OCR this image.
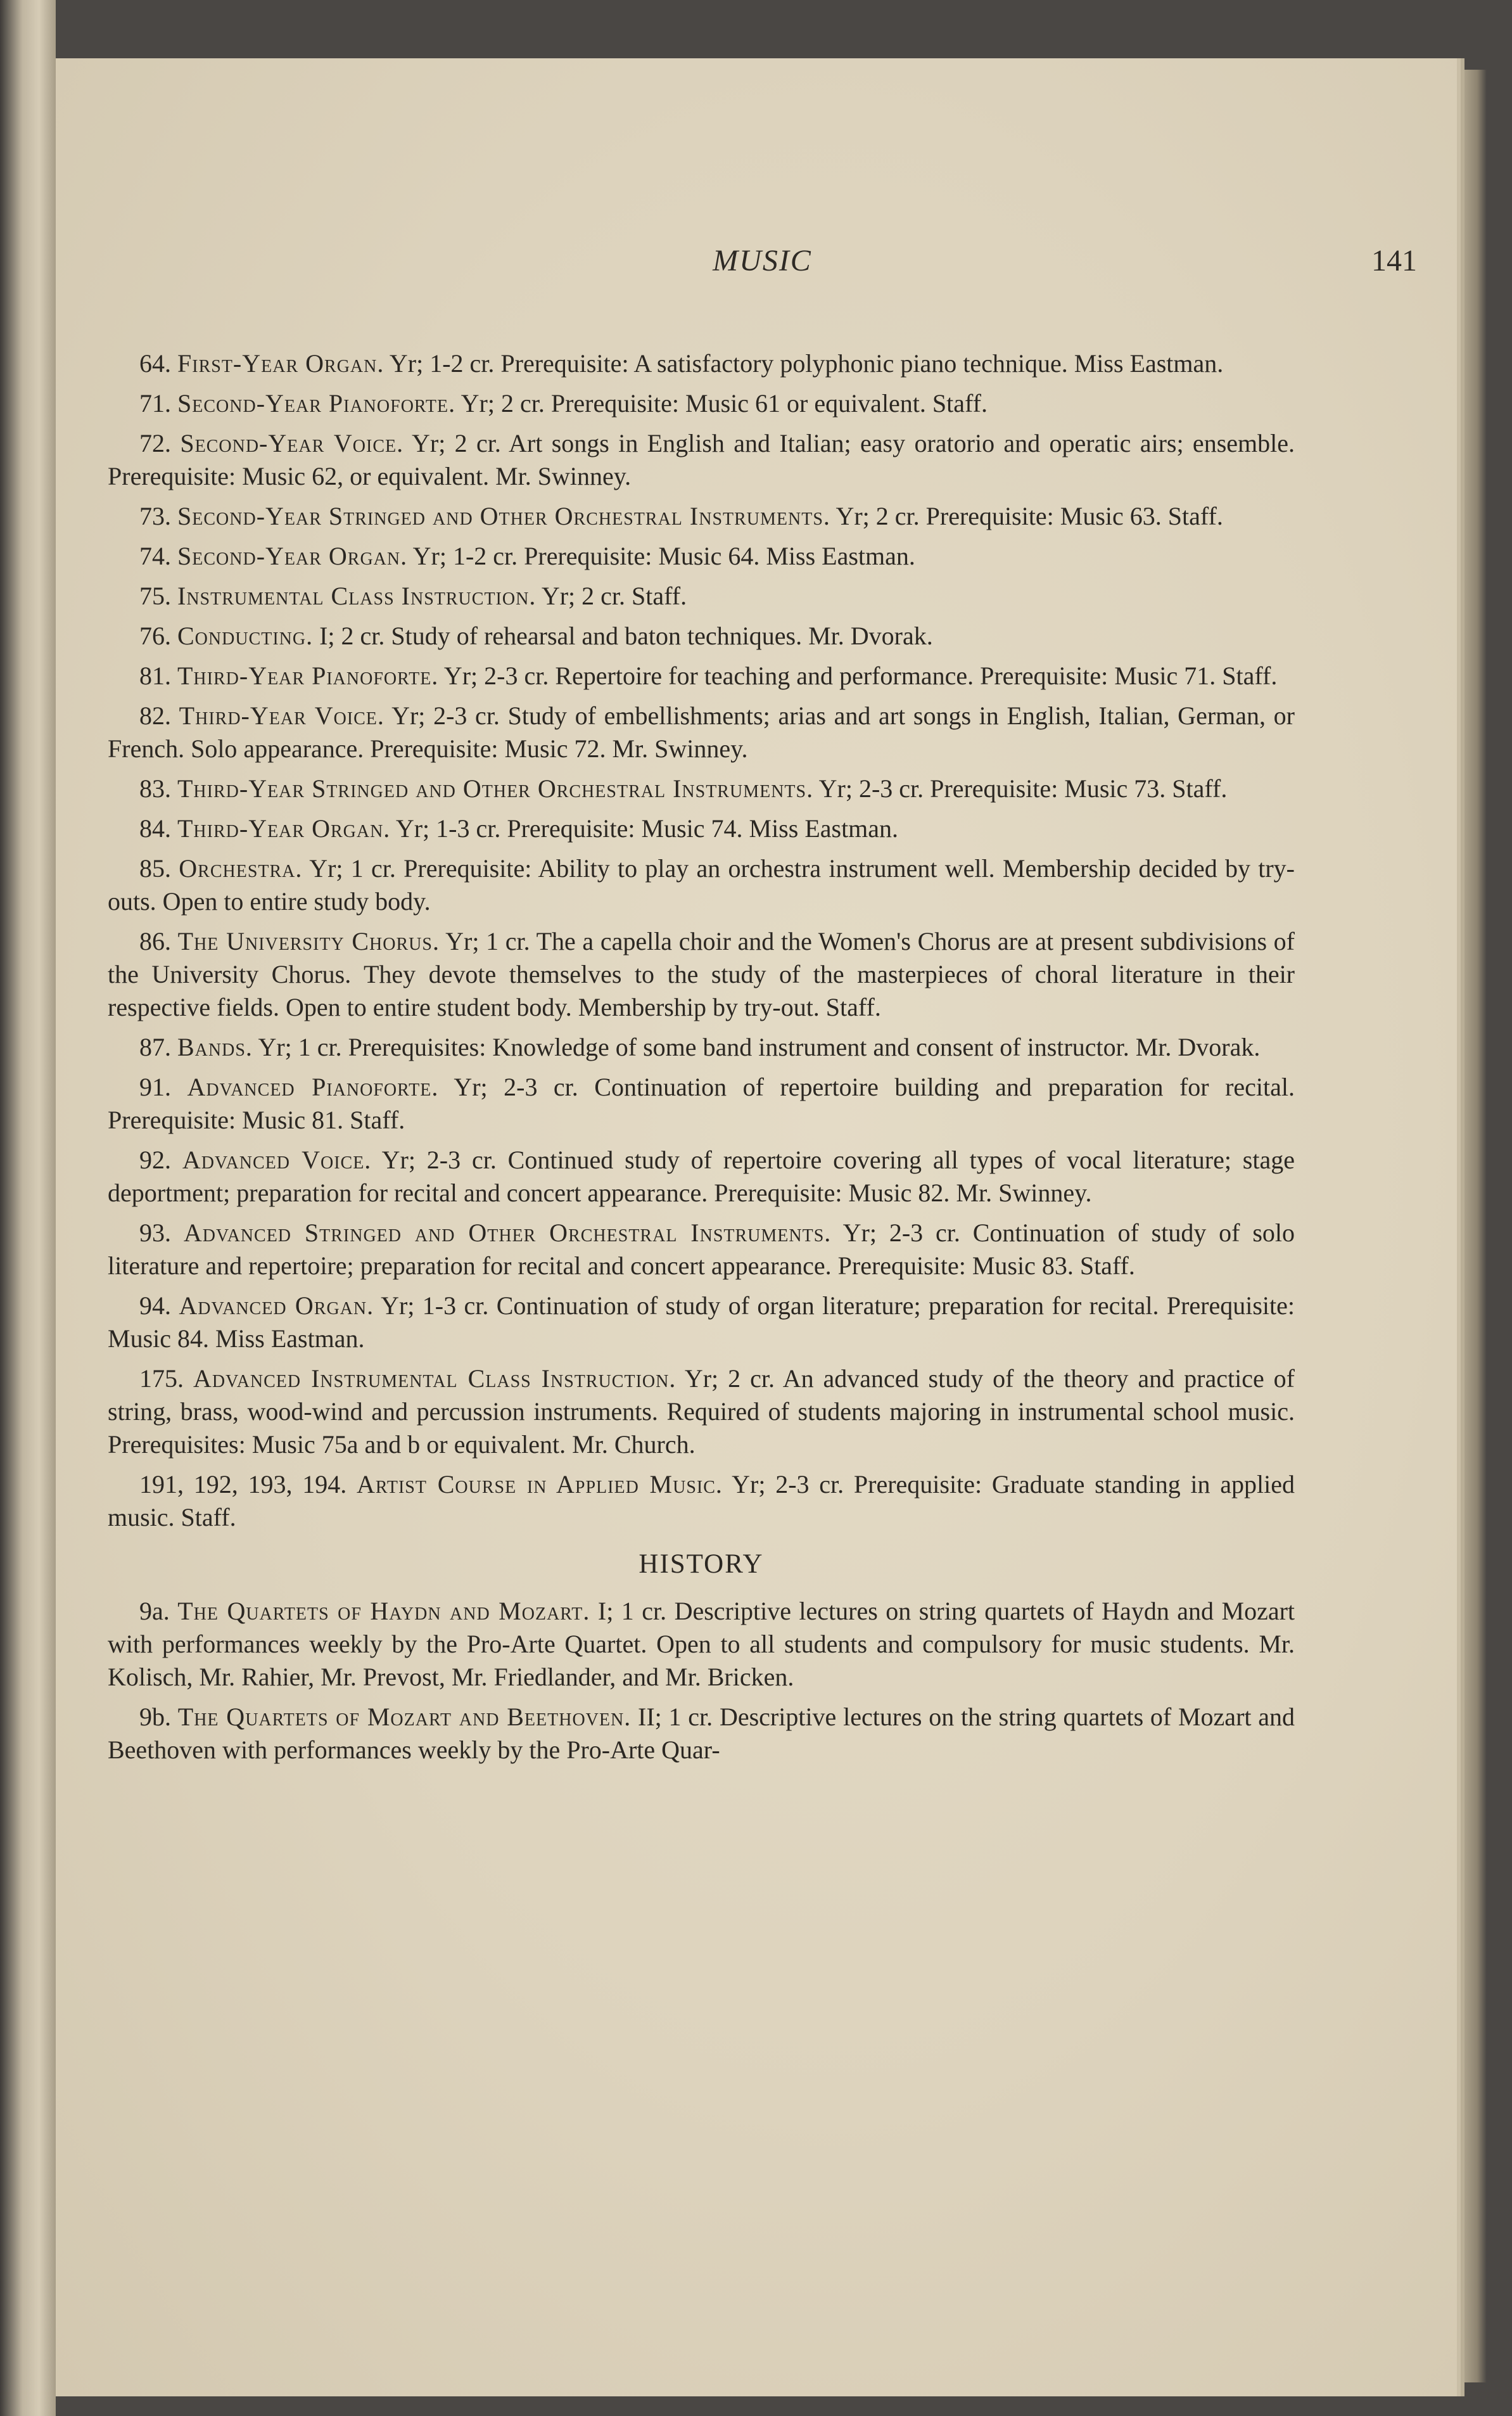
MUSIC	141

64. First-Year Organ. Yr; 1-2 cr. Prerequisite: A satisfactory polyphonic piano technique. Miss Eastman.

71. Second-Year Pianoforte. Yr; 2 cr. Prerequisite: Music 61 or equivalent. Staff.

72. Second-Year Voice. Yr; 2 cr. Art songs in English and Italian; easy oratorio and operatic airs; ensemble. Prerequisite: Music 62, or equivalent. Mr. Swinney.

73. Second-Year Stringed and Other Orchestral Instruments. Yr; 2 cr. Prerequisite: Music 63. Staff.

74. Second-Year Organ. Yr; 1-2 cr. Prerequisite: Music 64. Miss Eastman.

75. Instrumental Class Instruction. Yr; 2 cr. Staff.

76. Conducting. I; 2 cr. Study of rehearsal and baton techniques. Mr. Dvorak.

81. Third-Year Pianoforte. Yr; 2-3 cr. Repertoire for teaching and performance. Prerequisite: Music 71. Staff.

82. Third-Year Voice. Yr; 2-3 cr. Study of embellishments; arias and art songs in English, Italian, German, or French. Solo appearance. Prerequisite: Music 72. Mr. Swinney.

83. Third-Year Stringed and Other Orchestral Instruments. Yr; 2-3 cr. Prerequisite: Music 73. Staff.

84. Third-Year Organ. Yr; 1-3 cr. Prerequisite: Music 74. Miss Eastman.

85. Orchestra. Yr; 1 cr. Prerequisite: Ability to play an orchestra instrument well. Membership decided by try-outs. Open to entire study body.

86. The University Chorus. Yr; 1 cr. The a capella choir and the Women's Chorus are at present subdivisions of the University Chorus. They devote themselves to the study of the masterpieces of choral literature in their respective fields. Open to entire student body. Membership by try-out. Staff.

87. Bands. Yr; 1 cr. Prerequisites: Knowledge of some band instrument and consent of instructor. Mr. Dvorak.

91. Advanced Pianoforte. Yr; 2-3 cr. Continuation of repertoire building and preparation for recital. Prerequisite: Music 81. Staff.

92. Advanced Voice. Yr; 2-3 cr. Continued study of repertoire covering all types of vocal literature; stage deportment; preparation for recital and concert appearance. Prerequisite: Music 82. Mr. Swinney.

93. Advanced Stringed and Other Orchestral Instruments. Yr; 2-3 cr. Continuation of study of solo literature and repertoire; preparation for recital and concert appearance. Prerequisite: Music 83. Staff.

94. Advanced Organ. Yr; 1-3 cr. Continuation of study of organ literature; preparation for recital. Prerequisite: Music 84. Miss Eastman.

175. Advanced Instrumental Class Instruction. Yr; 2 cr. An advanced study of the theory and practice of string, brass, wood-wind and percussion instruments. Required of students majoring in instrumental school music. Prerequisites: Music 75a and b or equivalent. Mr. Church.

191, 192, 193, 194. Artist Course in Applied Music. Yr; 2-3 cr. Prerequisite: Graduate standing in applied music. Staff.

HISTORY

9a. The Quartets of Haydn and Mozart. I; 1 cr. Descriptive lectures on string quartets of Haydn and Mozart with performances weekly by the Pro-Arte Quartet. Open to all students and compulsory for music students. Mr. Kolisch, Mr. Rahier, Mr. Prevost, Mr. Friedlander, and Mr. Bricken.

9b. The Quartets of Mozart and Beethoven. II; 1 cr. Descriptive lectures on the string quartets of Mozart and Beethoven with performances weekly by the Pro-Arte Quar-
